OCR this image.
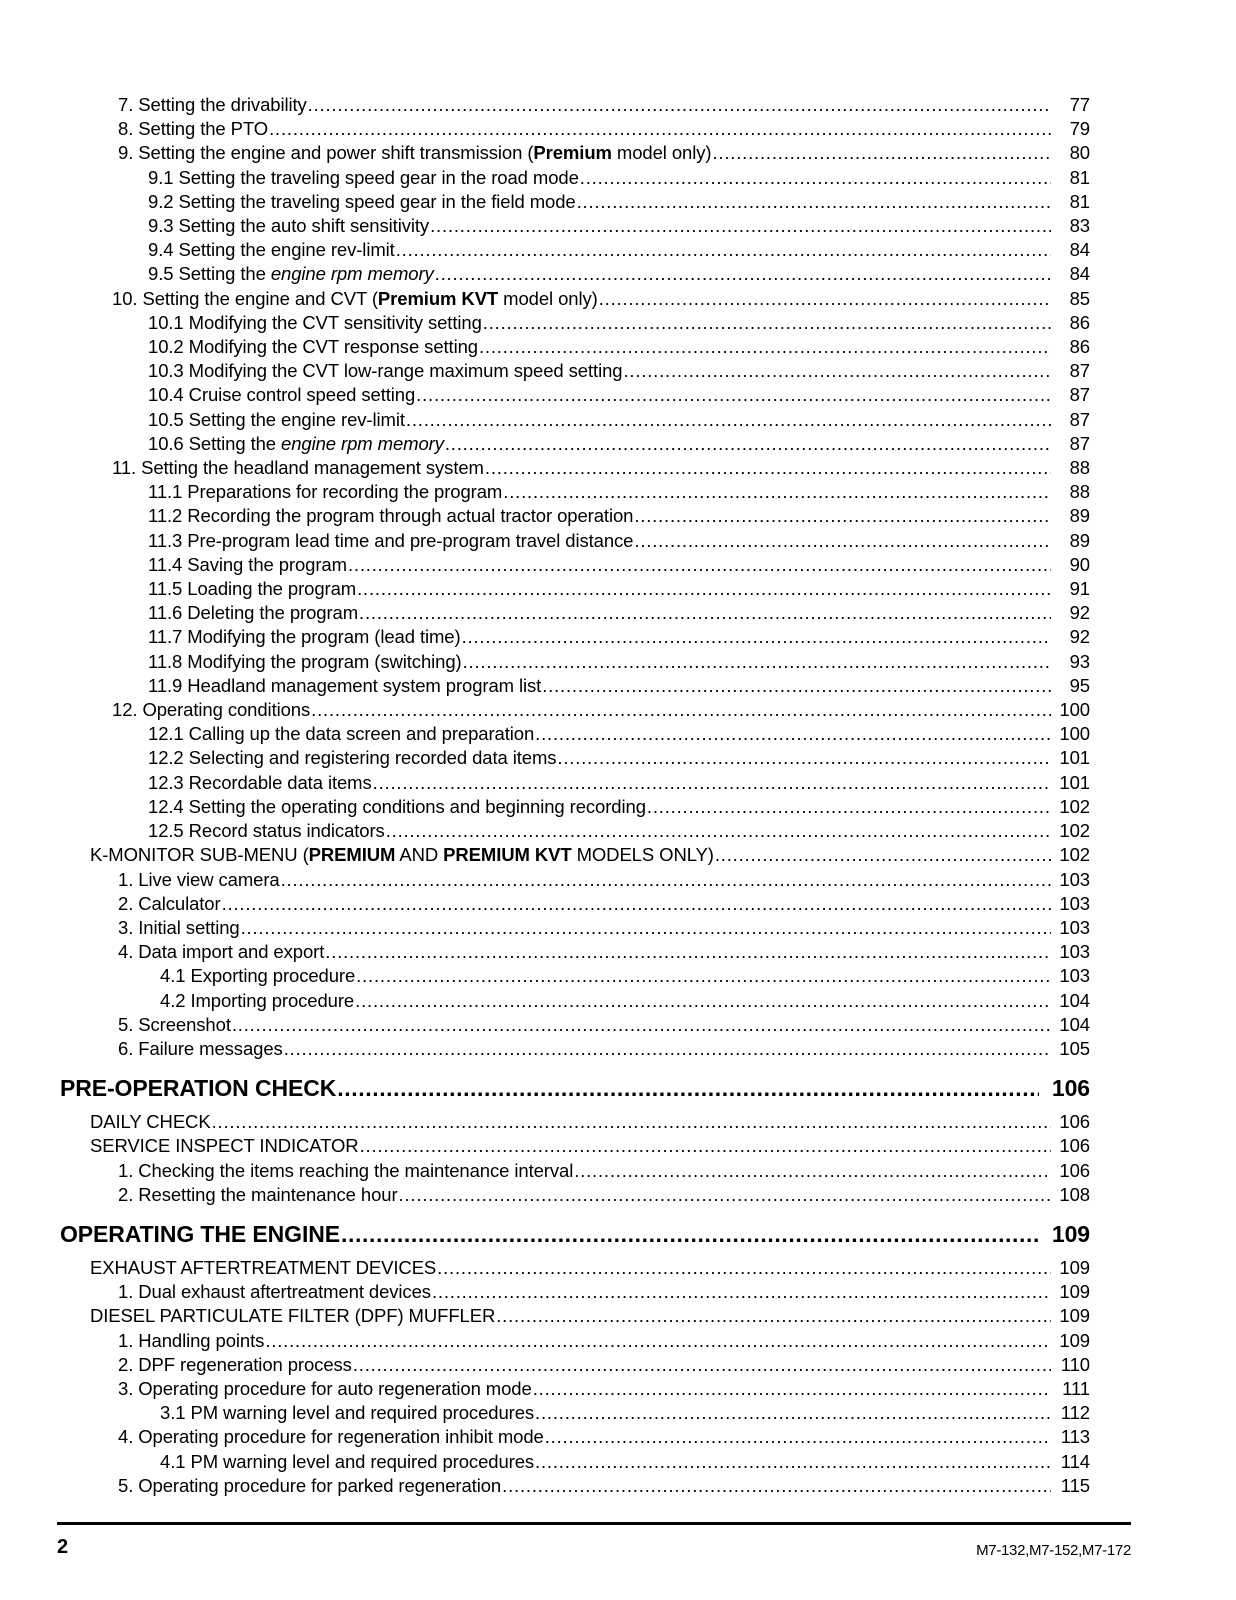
7. Setting the drivability .....	77
8. Setting the PTO .....	79
9. Setting the engine and power shift transmission (Premium model only) .....	80
9.1 Setting the traveling speed gear in the road mode .....	81
9.2 Setting the traveling speed gear in the field mode .....	81
9.3 Setting the auto shift sensitivity .....	83
9.4 Setting the engine rev-limit .....	84
9.5 Setting the engine rpm memory .....	84
10. Setting the engine and CVT (Premium KVT model only) .....	85
10.1 Modifying the CVT sensitivity setting .....	86
10.2 Modifying the CVT response setting .....	86
10.3 Modifying the CVT low-range maximum speed setting .....	87
10.4 Cruise control speed setting .....	87
10.5 Setting the engine rev-limit .....	87
10.6 Setting the engine rpm memory .....	87
11. Setting the headland management system .....	88
11.1 Preparations for recording the program .....	88
11.2 Recording the program through actual tractor operation .....	89
11.3 Pre-program lead time and pre-program travel distance .....	89
11.4 Saving the program .....	90
11.5 Loading the program .....	91
11.6 Deleting the program .....	92
11.7 Modifying the program (lead time) .....	92
11.8 Modifying the program (switching) .....	93
11.9 Headland management system program list .....	95
12. Operating conditions .....	100
12.1 Calling up the data screen and preparation .....	100
12.2 Selecting and registering recorded data items .....	101
12.3 Recordable data items .....	101
12.4 Setting the operating conditions and beginning recording .....	102
12.5 Record status indicators .....	102
K-MONITOR SUB-MENU (PREMIUM AND PREMIUM KVT MODELS ONLY) .....	102
1. Live view camera .....	103
2. Calculator .....	103
3. Initial setting .....	103
4. Data import and export .....	103
4.1 Exporting procedure .....	103
4.2 Importing procedure .....	104
5. Screenshot .....	104
6. Failure messages .....	105
PRE-OPERATION CHECK .....	106
DAILY CHECK .....	106
SERVICE INSPECT INDICATOR .....	106
1. Checking the items reaching the maintenance interval .....	106
2. Resetting the maintenance hour .....	108
OPERATING THE ENGINE .....	109
EXHAUST AFTERTREATMENT DEVICES .....	109
1. Dual exhaust aftertreatment devices .....	109
DIESEL PARTICULATE FILTER (DPF) MUFFLER .....	109
1. Handling points .....	109
2. DPF regeneration process .....	110
3. Operating procedure for auto regeneration mode .....	111
3.1 PM warning level and required procedures .....	112
4. Operating procedure for regeneration inhibit mode .....	113
4.1 PM warning level and required procedures .....	114
5. Operating procedure for parked regeneration .....	115
2	M7-132,M7-152,M7-172
